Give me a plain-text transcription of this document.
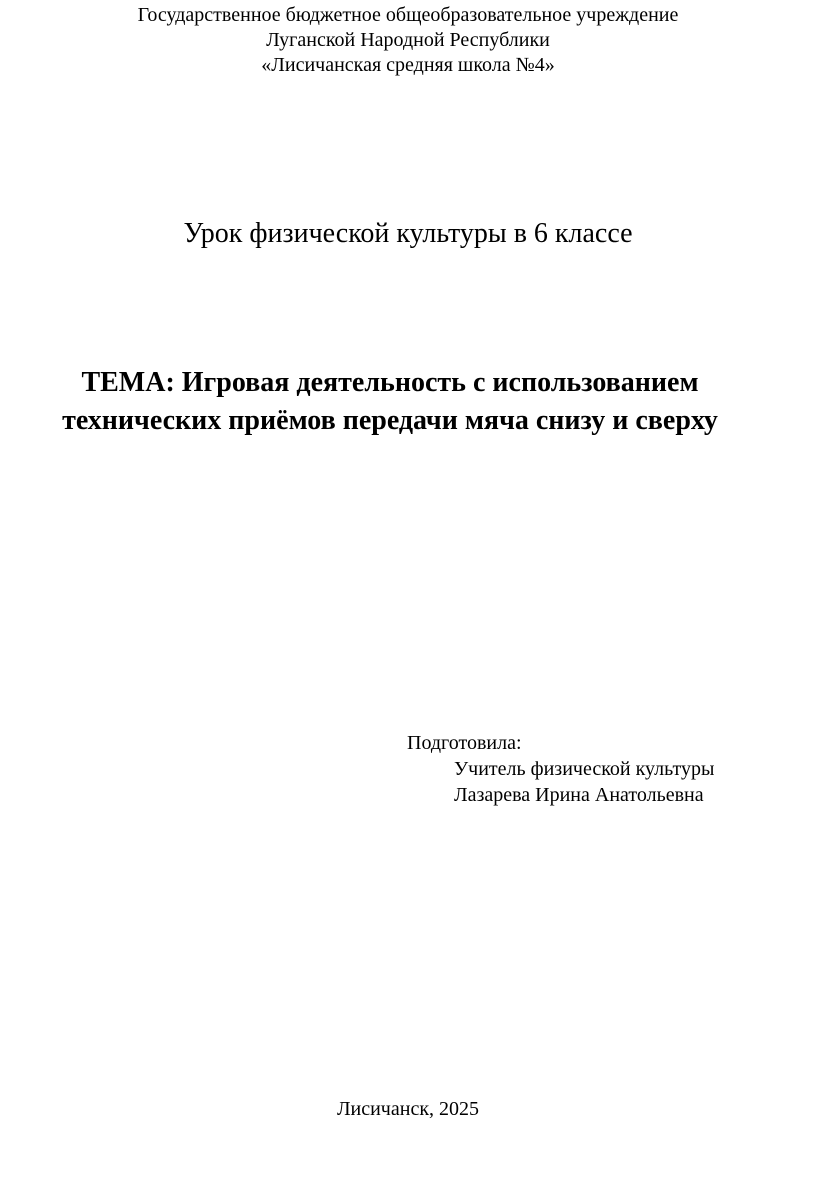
Государственное бюджетное общеобразовательное учреждение
Луганской Народной Республики
«Лисичанская средняя школа №4»
Урок физической культуры в 6 классе
ТЕМА: Игровая деятельность с использованием
технических приёмов передачи мяча снизу и сверху
Подготовила:
Учитель физической культуры
Лазарева Ирина Анатольевна
Лисичанск, 2025
